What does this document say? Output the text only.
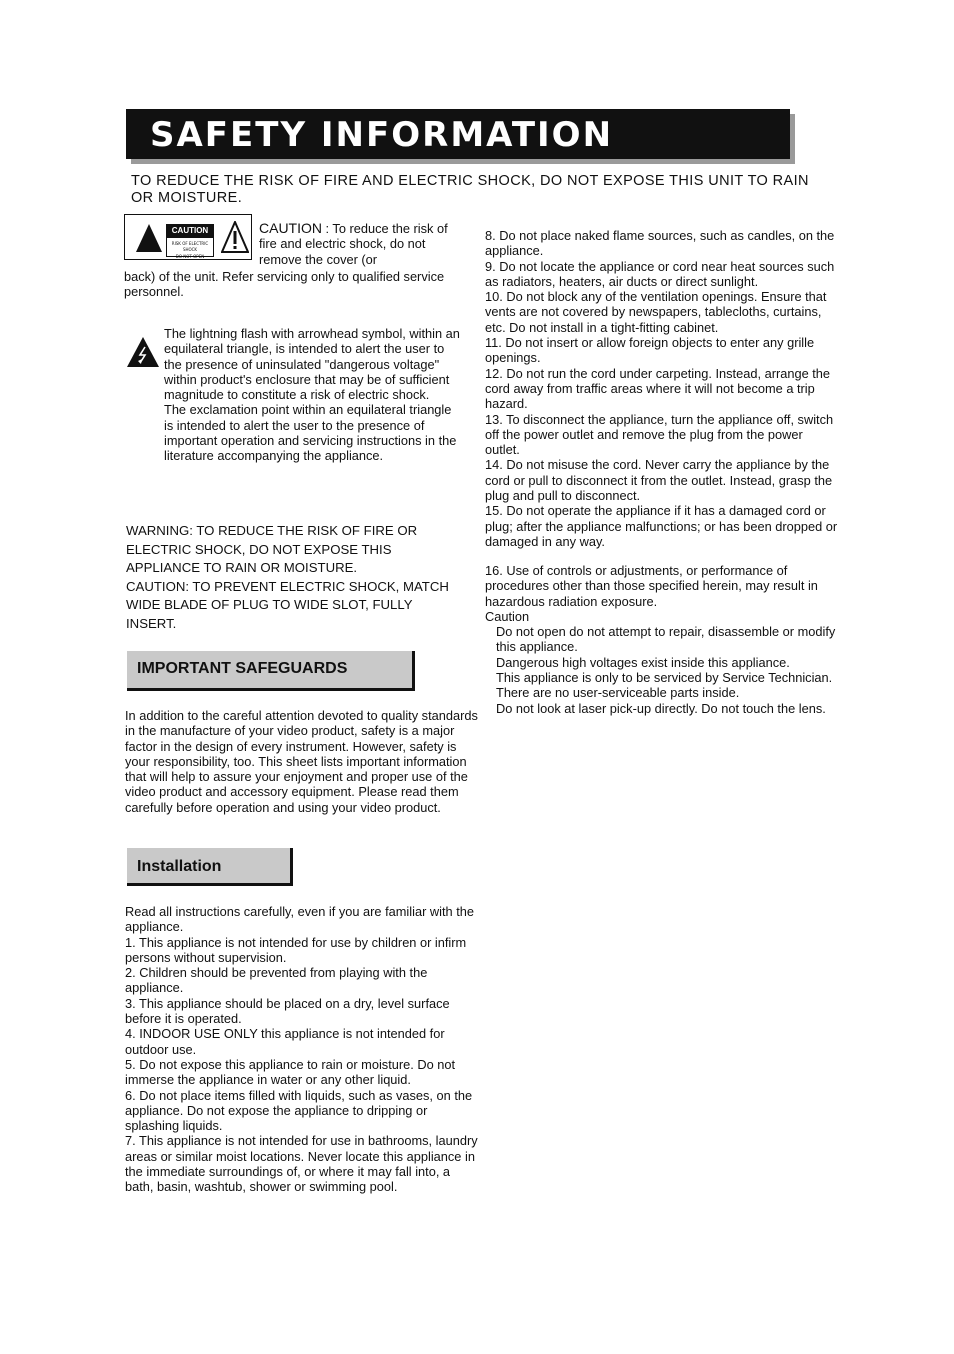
SAFETY INFORMATION
TO REDUCE THE RISK OF FIRE AND ELECTRIC SHOCK, DO NOT EXPOSE THIS UNIT TO RAIN OR MOISTURE.
CAUTION
RISK OF ELECTRIC SHOCK
DO NOT OPEN
CAUTION : To reduce the risk of fire and electric shock, do not remove the cover (or
back) of the unit. Refer servicing only to qualified service personnel.

The lightning flash with arrowhead symbol, within an equilateral triangle, is intended to alert the user to the presence of uninsulated "dangerous voltage" within product's enclosure that may be of sufficient magnitude to constitute a risk of electric shock.

The exclamation point within an equilateral triangle is intended to alert the user to the presence of important operation and servicing instructions in the literature accompanying the appliance.

WARNING: TO REDUCE THE RISK OF FIRE OR ELECTRIC SHOCK, DO NOT EXPOSE THIS APPLIANCE TO RAIN OR MOISTURE.

CAUTION: TO PREVENT ELECTRIC SHOCK, MATCH WIDE BLADE OF PLUG TO WIDE SLOT, FULLY INSERT.

IMPORTANT SAFEGUARDS
In addition to the careful attention devoted to quality standards in the manufacture of your video product, safety is a major factor in the design of every instrument. However, safety is your responsibility, too. This sheet lists important information that will help to assure your enjoyment and proper use of the video product and accessory equipment. Please read them carefully before operation and using your video product.
Installation

Read all instructions carefully, even if you are familiar with the appliance.

1. This appliance is not intended for use by children or infirm persons without supervision.

2. Children should be prevented from playing with the appliance.

3. This appliance should be placed on a dry, level surface before it is operated.

4. INDOOR USE ONLY this appliance is not intended for outdoor use.

5. Do not expose this appliance to rain or moisture. Do not immerse the appliance in water or any other liquid.

6. Do not place items filled with liquids, such as vases, on the appliance. Do not expose the appliance to dripping or splashing liquids.

7. This appliance is not intended for use in bathrooms, laundry areas or similar moist locations. Never locate this appliance in the immediate surroundings of, or where it may fall into, a bath, basin, washtub, shower or swimming pool.

8. Do not place naked flame sources, such as candles, on the appliance.

9. Do not locate the appliance or cord near heat sources such as radiators, heaters, air ducts or direct sunlight.

10. Do not block any of the ventilation openings. Ensure that vents are not covered by newspapers, tablecloths, curtains, etc. Do not install in a tight-fitting cabinet.

11. Do not insert or allow foreign objects to enter any grille openings.

12. Do not run the cord under carpeting. Instead, arrange the cord away from traffic areas where it will not become a trip hazard.

13. To disconnect the appliance, turn the appliance off, switch off the power outlet and remove the plug from the power outlet.

14. Do not misuse the cord. Never carry the appliance by the cord or pull to disconnect it from the outlet. Instead, grasp the plug and pull to disconnect.

15. Do not operate the appliance if it has a damaged cord or plug; after the appliance malfunctions; or has been dropped or damaged in any way.

16. Use of controls or adjustments, or performance of procedures other than those specified herein, may result in hazardous radiation exposure.

Caution

Do not open do not attempt to repair, disassemble or modify this appliance.

Dangerous high voltages exist inside this appliance.

This appliance is only to be serviced by Service Technician. There are no user-serviceable parts inside.

Do not look at laser pick-up directly. Do not touch the lens.
